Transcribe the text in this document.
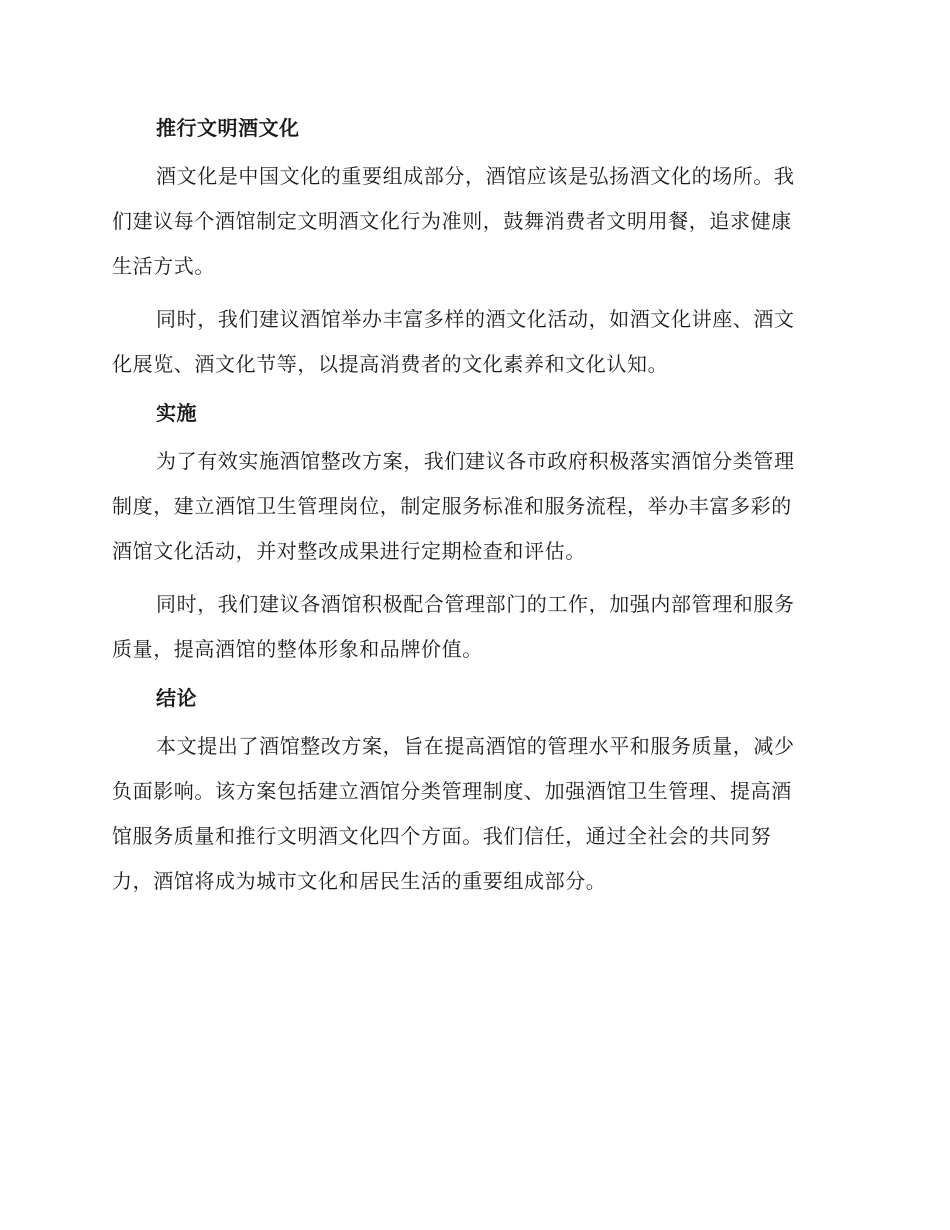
推行文明酒文化
酒文化是中国文化的重要组成部分，酒馆应该是弘扬酒文化的场所。我
们建议每个酒馆制定文明酒文化行为准则，鼓舞消费者文明用餐，追求健康
生活方式。
同时，我们建议酒馆举办丰富多样的酒文化活动，如酒文化讲座、酒文
化展览、酒文化节等，以提高消费者的文化素养和文化认知。
实施
为了有效实施酒馆整改方案，我们建议各市政府积极落实酒馆分类管理
制度，建立酒馆卫生管理岗位，制定服务标准和服务流程，举办丰富多彩的
酒馆文化活动，并对整改成果进行定期检查和评估。
同时，我们建议各酒馆积极配合管理部门的工作，加强内部管理和服务
质量，提高酒馆的整体形象和品牌价值。
结论
本文提出了酒馆整改方案，旨在提高酒馆的管理水平和服务质量，减少
负面影响。该方案包括建立酒馆分类管理制度、加强酒馆卫生管理、提高酒
馆服务质量和推行文明酒文化四个方面。我们信任，通过全社会的共同努
力，酒馆将成为城市文化和居民生活的重要组成部分。
